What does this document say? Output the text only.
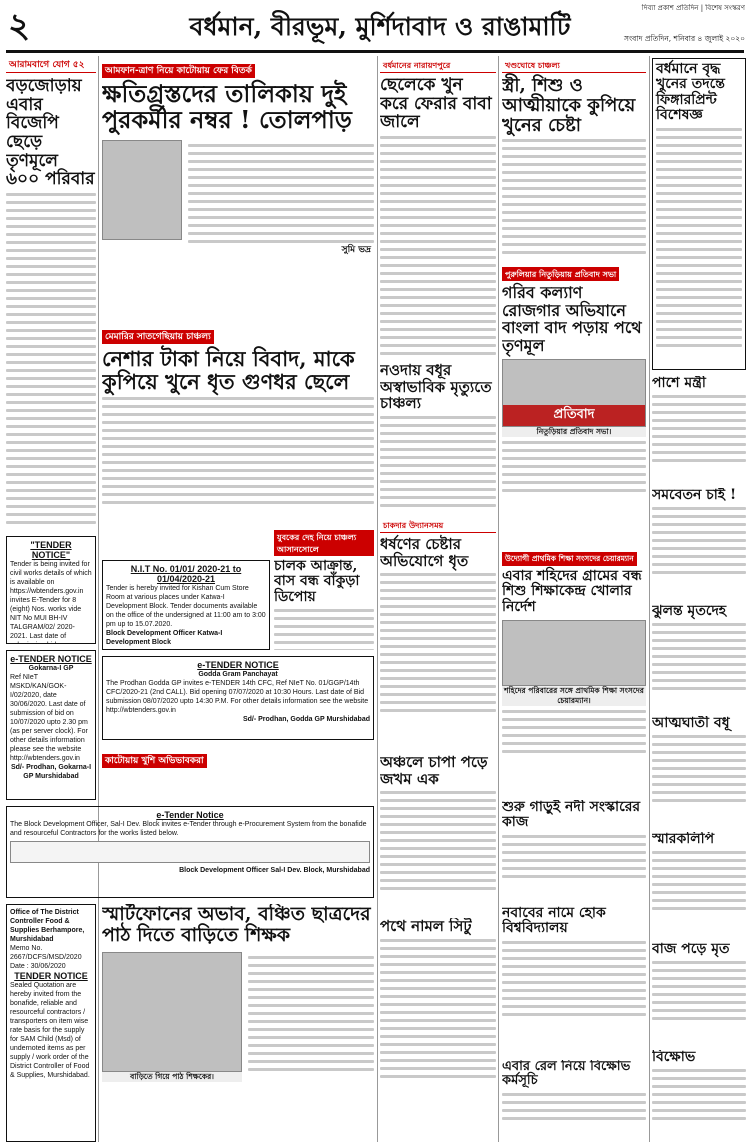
২	বর্ধমান, বীরভূম, মুর্শিদাবাদ ও রাঙামাটি
দিব্যা প্রকাশ প্রতিদিন | বিশেষ সংস্করণ
সংবাদ প্রতিদিন, শনিবার ৪ জুলাই ২০২০
আরামবাগে যোগ ৫২
বড়জোড়ায় এবার বিজেপি ছেড়ে তৃণমূলে ৬০০ পরিবার
"TENDER NOTICE"
Tender is being invited for civil works details of which is available on https://wbtenders.gov.in invites E-Tender for 8 (eight) Nos. works vide NIT No MUI BH-IV TALGRAM/02/ 2020-2021. Last date of
e-TENDER NOTICE
Gokarna-I GP
Ref NIeT MSKD/KAN/GOK-I/02/2020, date 30/06/2020. Last date of submission of bid on 10/07/2020 upto 2.30 pm (as per server clock). For other details information please see the website http://wbtenders.gov.in
Sd/- Prodhan, Gokarna-I GP Murshidabad
আমফান-ত্রাণ নিয়ে কাটোয়ায় ফের বিতর্ক
ক্ষতিগ্রস্তদের তালিকায় দুই পুরকর্মীর নম্বর ! তোলপাড়
সুমি ভদ্র
মেমারির সাতগেছিয়ায় চাঞ্চল্য
নেশার টাকা নিয়ে বিবাদ, মাকে কুপিয়ে খুনে ধৃত গুণধর ছেলে
N.I.T No. 01/01/ 2020-21 to 01/04/2020-21
Tender is hereby invited for Kishan Cum Store Room at various places under Katwa-I Development Block. Tender documents available on the office of the undersigned at 11:00 am to 3:00 pm up to 15.07.2020.
Block Development Officer Katwa-I Development Block
যুবকের দেহ নিয়ে চাঞ্চল্য আসানসোলে
চালক আক্রান্ত, বাস বন্ধ বাঁকুড়া ডিপোয়
e-TENDER NOTICE
Godda Gram Panchayat
The Prodhan Godda GP invites e-TENDER 14th CFC, Ref NIeT No. 01/GGP/14th CFC/2020-21 (2nd CALL). Bid opening 07/07/2020 at 10:30 Hours. Last date of Bid submission 08/07/2020 upto 14:30 P.M. For other details information see the website http://wbtenders.gov.in
Sd/- Prodhan, Godda GP Murshidabad
e-Tender Notice
The Block Development Officer, Sal-I Dev. Block invites e-Tender through e-Procurement System from the bonafide and resourceful Contractors for the works listed below.
Block Development Officer Sal-I Dev. Block, Murshidabad
কাটোয়ায় খুশি অভিভাবকরা
Office of The District Controller Food & Supplies Berhampore, Murshidabad
Memo No. 2667/DCFS/MSD/2020 Date : 30/06/2020
TENDER NOTICE
Sealed Quotation are hereby invited from the bonafide, reliable and resourceful contractors / transporters on item wise rate basis for the supply for SAM Child (Msd) of undernoted items as per supply / work order of the District Controller of Food & Supplies, Murshidabad.
স্মার্টফোনের অভাব, বঞ্চিত ছাত্রদের পাঠ দিতে বাড়িতে শিক্ষক
বাড়িতে গিয়ে পাঠ শিক্ষকের।
বর্ধমানের নারায়ণপুরে
ছেলেকে খুন করে ফেরার বাবা জালে
নওদায় বধূর অস্বাভাবিক মৃত্যুতে চাঞ্চল্য
চাকদার উদ্যানসময়
ধর্ষণের চেষ্টার অভিযোগে ধৃত
অঞ্চলে চাপা পড়ে জখম এক
পথে নামল সিটু
খণ্ডঘোষে চাঞ্চল্য
স্ত্রী, শিশু ও আত্মীয়াকে কুপিয়ে খুনের চেষ্টা
পুরুলিয়ার নিতুড়িয়ায় প্রতিবাদ সভা
গরিব কল্যাণ রোজগার অভিযানে বাংলা বাদ পড়ায় পথে তৃণমূল
প্রতিবাদ
নিতুড়িয়ার প্রতিবাদ সভা।
উদ্যোগী প্রাথমিক শিক্ষা সংসদের চেয়ারম্যান
এবার শহিদের গ্রামের বন্ধ শিশু শিক্ষাকেন্দ্র খোলার নির্দেশ
শহিদের পরিবারের সঙ্গে প্রাথমিক শিক্ষা সংসদের চেয়ারম্যান।
শুরু গাড়ুই নদী সংস্কারের কাজ
নবাবের নামে হোক বিশ্ববিদ্যালয়
এবার রেল নিয়ে বিক্ষোভ কর্মসূচি
বর্ধমানে বৃদ্ধ খুনের তদন্তে ফিঙ্গারপ্রিন্ট বিশেষজ্ঞ
পাশে মন্ত্রী
সমবেতন চাই !
ঝুলন্ত মৃতদেহ
আত্মঘাতী বধূ
স্মারকলিপি
বাজ পড়ে মৃত
বিক্ষোভ
